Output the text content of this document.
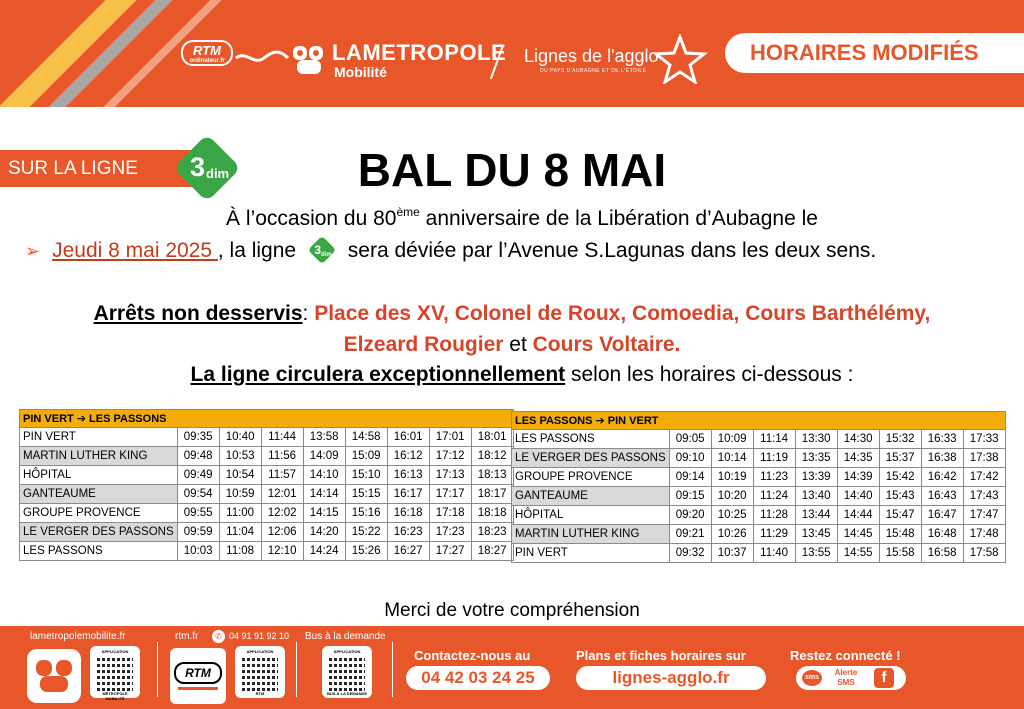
RTM
ordinateur.fr	LAMETROPOLE
Mobilité
Lignes de l'agglo
DU PAYS D'AUBAGNE ET DE L'ÉTOILE
HORAIRES MODIFIÉS
SUR LA LIGNE 3 dim	BAL DU 8 MAI
À l’occasion du 80ème anniversaire de la Libération d’Aubagne le
➢ Jeudi 8 mai 2025 , la ligne 3 dim sera déviée par l’Avenue S.Lagunas dans les deux sens.
Arrêts non desservis: Place des XV, Colonel de Roux, Comoedia, Cours Barthélémy,
Elzeard Rougier et Cours Voltaire.
La ligne circulera exceptionnellement selon les horaires ci-dessous :
PIN VERT ➔ LES PASSONS								
PIN VERT	09:35	10:40	11:44	13:58	14:58	16:01	17:01	18:01
MARTIN LUTHER KING	09:48	10:53	11:56	14:09	15:09	16:12	17:12	18:12
HÔPITAL	09:49	10:54	11:57	14:10	15:10	16:13	17:13	18:13
GANTEAUME	09:54	10:59	12:01	14:14	15:15	16:17	17:17	18:17
GROUPE PROVENCE	09:55	11:00	12:02	14:15	15:16	16:18	17:18	18:18
LE VERGER DES PASSONS	09:59	11:04	12:06	14:20	15:22	16:23	17:23	18:23
LES PASSONS	10:03	11:08	12:10	14:24	15:26	16:27	17:27	18:27
LES PASSONS ➔ PIN VERT								
LES PASSONS	09:05	10:09	11:14	13:30	14:30	15:32	16:33	17:33
LE VERGER DES PASSONS	09:10	10:14	11:19	13:35	14:35	15:37	16:38	17:38
GROUPE PROVENCE	09:14	10:19	11:23	13:39	14:39	15:42	16:42	17:42
GANTEAUME	09:15	10:20	11:24	13:40	14:40	15:43	16:43	17:43
HÔPITAL	09:20	10:25	11:28	13:44	14:44	15:47	16:47	17:47
MARTIN LUTHER KING	09:21	10:26	11:29	13:45	14:45	15:48	16:48	17:48
PIN VERT	09:32	10:37	11:40	13:55	14:55	15:58	16:58	17:58
Merci de votre compréhension
lametropolemobilite.fr
APPLICATION
MÉTROPOLE MOBILITÉ
rtm.fr	✆ 04 91 91 92 10
RTM
APPLICATION
RTM
Bus à la demande
APPLICATION
BUS À LA DEMANDE
Contactez-nous au
04 42 03 24 25
Plans et fiches horaires sur
lignes-agglo.fr
Restez connecté !
sms
Alerte SMS	f
